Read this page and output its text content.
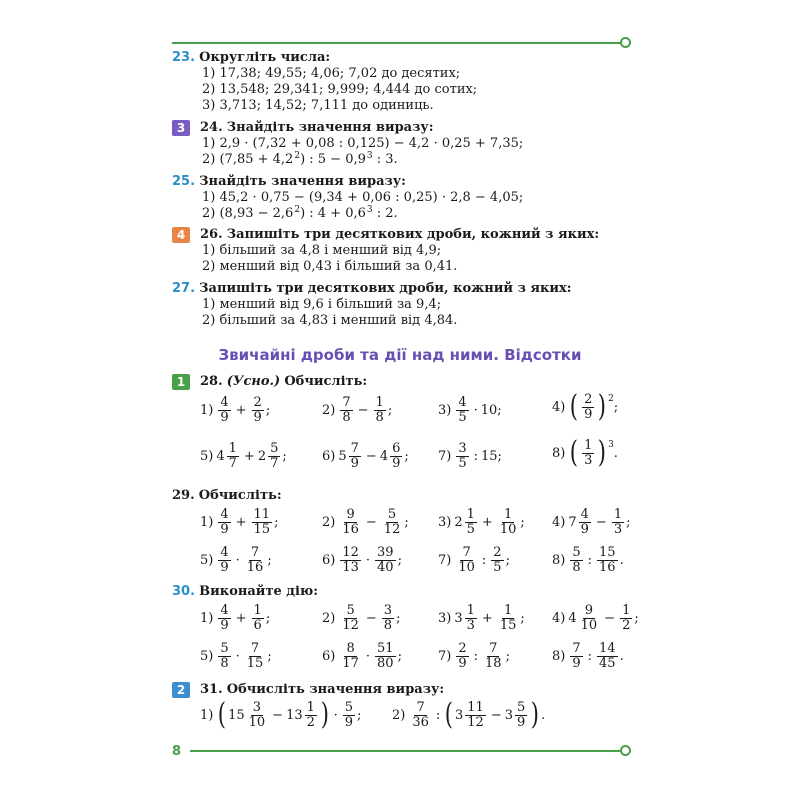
23. Округліть числа:
1) 17,38; 49,55; 4,06; 7,02 до десятих;
2) 13,548; 29,341; 9,999; 4,444 до сотих;
3) 3,713; 14,52; 7,111 до одиниць.
3	24. Знайдіть значення виразу:
1) 2,9 · (7,32 + 0,08 : 0,125) − 4,2 · 0,25 + 7,35;
2) $(7,85 + 4,2^2)$ : $5 - 0,9^3$ : 3.
25. Знайдіть значення виразу:
1) 45,2 · 0,75 − (9,34 + 0,06 : 0,25) · 2,8 − 4,05;
2) $(8,93 - 2,6^2)$ : $4 + 0,6^3$ : 2.
4	26. Запишіть три десяткових дроби, кожний з яких:
1) більший за 4,8 і менший від 4,9;
2) менший від 0,43 і більший за 0,41.
27. Запишіть три десяткових дроби, кожний з яких:
1) менший від 9,6 і більший за 9,4;
2) більший за 4,83 і менший від 4,84.
Звичайні дроби та дії над ними. Відсотки
1	28. (Усно.) Обчисліть:
$1) \frac{4}{9} + \frac{2}{9}$ ;	$2) \frac{7}{8} - \frac{1}{8}$ ;	$3) \frac{4}{5} \cdot 10$;	4) ( $\frac{2}{9}$ ) 2
;
5) $4 \frac{1}{7} + 2 \frac{5}{7}$ ;	6) $5 \frac{7}{9} - 4 \frac{6}{9}$ ; $7) \frac{3}{5}$ : 15;	8) ( $\frac{1}{3}$ ) 3
.
29. Обчисліть:
$1) \frac{4}{9} + \frac{11}{15}$ ;	$2) \frac{9}{16} - \frac{5}{12}$ ; 3) $2 \frac{1}{5} + \frac{1}{10}$ ; 4) $7 \frac{4}{9} - \frac{1}{3}$ ;
$5) \frac{4}{9} \cdot \frac{7}{16}$ ;	$6) \frac{12}{13} \cdot \frac{39}{40}$ ;	$7) \frac{7}{10}$ : $\frac{2}{5}$ ;	$8) \frac{5}{8}$ : $\frac{15}{16}$ .
30. Виконайте дію:
$1) \frac{4}{9} + \frac{1}{6}$ ;	$2) \frac{5}{12} - \frac{3}{8}$ ;	3) $3 \frac{1}{3} + \frac{1}{15}$ ; 4) $4 \frac{9}{10} - \frac{1}{2}$ ;
$5) \frac{5}{8} \cdot \frac{7}{15}$ ;	$6) \frac{8}{17} \cdot \frac{51}{80}$ ;	$7) \frac{2}{9}$ : $\frac{7}{18}$ ;	$8) \frac{7}{9}$ : $\frac{14}{45}$ .
2	31. Обчисліть значення виразу:
1) ( $15 \frac{3}{10} - 13 \frac{1}{2}$ ) · $\frac{5}{9}$ ; $2) \frac{7}{36}$ : ( $3 \frac{11}{12} - 3 \frac{5}{9}$ ) .
8
